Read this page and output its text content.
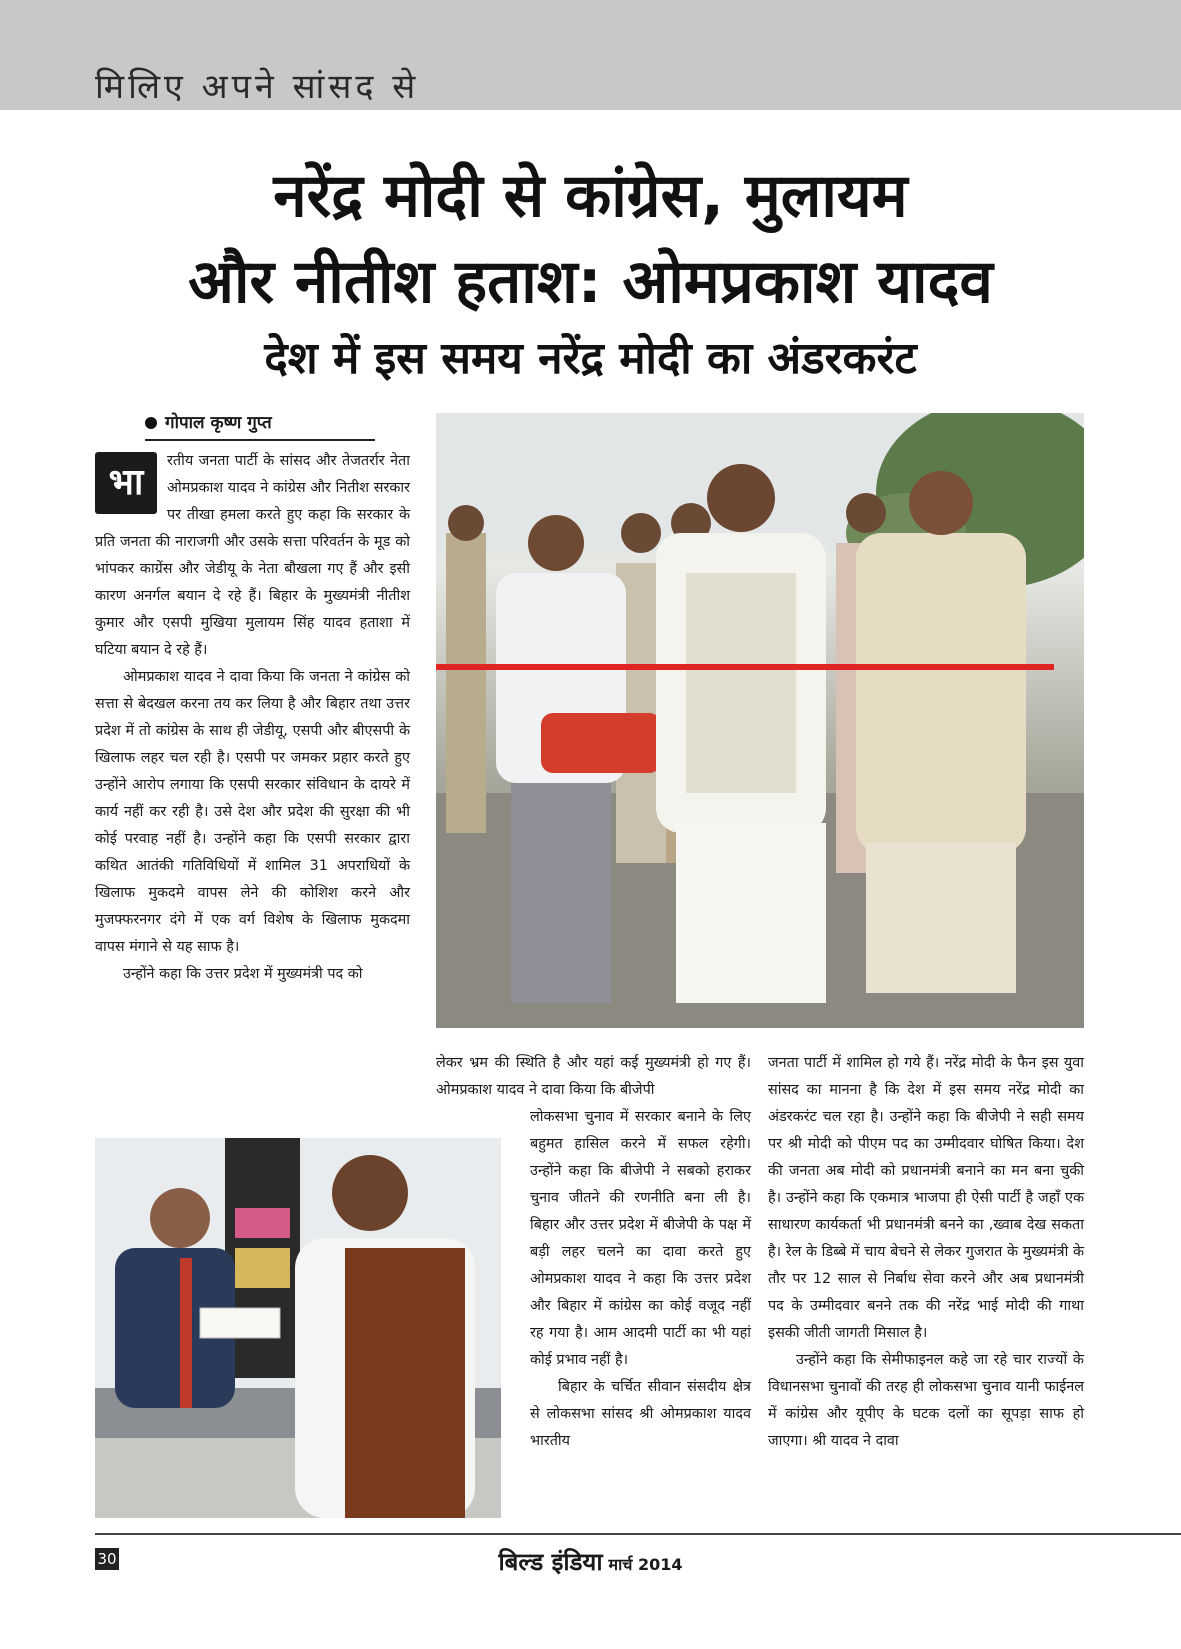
मिलिए अपने सांसद से
नरेंद्र मोदी से कांग्रेस, मुलायम
और नीतीश हताश: ओमप्रकाश यादव
देश में इस समय नरेंद्र मोदी का अंडरकरंट
गोपाल कृष्ण गुप्त

भा
रतीय जनता पार्टी के सांसद और तेजतर्रार नेता ओमप्रकाश यादव ने कांग्रेस और नितीश सरकार पर तीखा हमला करते हुए कहा कि सरकार के प्रति जनता की नाराजगी और उसके सत्ता परिवर्तन के मूड को भांपकर काग्रेंस और जेडीयू के नेता बौखला गए हैं और इसी कारण अनर्गल बयान दे रहे हैं। बिहार के मुख्यमंत्री नीतीश कुमार और एसपी मुखिया मुलायम सिंह यादव हताशा में घटिया बयान दे रहे हैं।

ओमप्रकाश यादव ने दावा किया कि जनता ने कांग्रेस को सत्ता से बेदखल करना तय कर लिया है और बिहार तथा उत्तर प्रदेश में तो कांग्रेस के साथ ही जेडीयू, एसपी और बीएसपी के खिलाफ लहर चल रही है। एसपी पर जमकर प्रहार करते हुए उन्होंने आरोप लगाया कि एसपी सरकार संविधान के दायरे में कार्य नहीं कर रही है। उसे देश और प्रदेश की सुरक्षा की भी कोई परवाह नहीं है। उन्होंने कहा कि एसपी सरकार द्वारा कथित आतंकी गतिविधियों में शामिल 31 अपराधियों के खिलाफ मुकदमे वापस लेने की कोशिश करने और मुजफ्फरनगर दंगे में एक वर्ग विशेष के खिलाफ मुकदमा वापस मंगाने से यह साफ है।

उन्होंने कहा कि उत्तर प्रदेश में मुख्यमंत्री पद को

लेकर भ्रम की स्थिति है और यहां कई मुख्यमंत्री हो गए हैं। ओमप्रकाश यादव ने दावा किया कि बीजेपी

लोकसभा चुनाव में सरकार बनाने के लिए बहुमत हासिल करने में सफल रहेगी। उन्होंने कहा कि बीजेपी ने सबको हराकर चुनाव जीतने की रणनीति बना ली है। बिहार और उत्तर प्रदेश में बीजेपी के पक्ष में बड़ी लहर चलने का दावा करते हुए ओमप्रकाश यादव ने कहा कि उत्तर प्रदेश और बिहार में कांग्रेस का कोई वजूद नहीं रह गया है। आम आदमी पार्टी का भी यहां कोई प्रभाव नहीं है।

बिहार के चर्चित सीवान संसदीय क्षेत्र से लोकसभा सांसद श्री ओमप्रकाश यादव भारतीय

जनता पार्टी में शामिल हो गये हैं। नरेंद्र मोदी के फैन इस युवा सांसद का मानना है कि देश में इस समय नरेंद्र मोदी का अंडरकरंट चल रहा है। उन्होंने कहा कि बीजेपी ने सही समय पर श्री मोदी को पीएम पद का उम्मीदवार घोषित किया। देश की जनता अब मोदी को प्रधानमंत्री बनाने का मन बना चुकी है। उन्होंने कहा कि एकमात्र भाजपा ही ऐसी पार्टी है जहाँ एक साधारण कार्यकर्ता भी प्रधानमंत्री बनने का ,ख्वाब देख सकता है। रेल के डिब्बे में चाय बेचने से लेकर गुजरात के मुख्यमंत्री के तौर पर 12 साल से निर्बाध सेवा करने और अब प्रधानमंत्री पद के उम्मीदवार बनने तक की नरेंद्र भाई मोदी की गाथा इसकी जीती जागती मिसाल है।

उन्होंने कहा कि सेमीफाइनल कहे जा रहे चार राज्यों के विधानसभा चुनावों की तरह ही लोकसभा चुनाव यानी फाईनल में कांग्रेस और यूपीए के घटक दलों का सूपड़ा साफ हो जाएगा। श्री यादव ने दावा

30	बिल्ड इंडिया मार्च 2014
